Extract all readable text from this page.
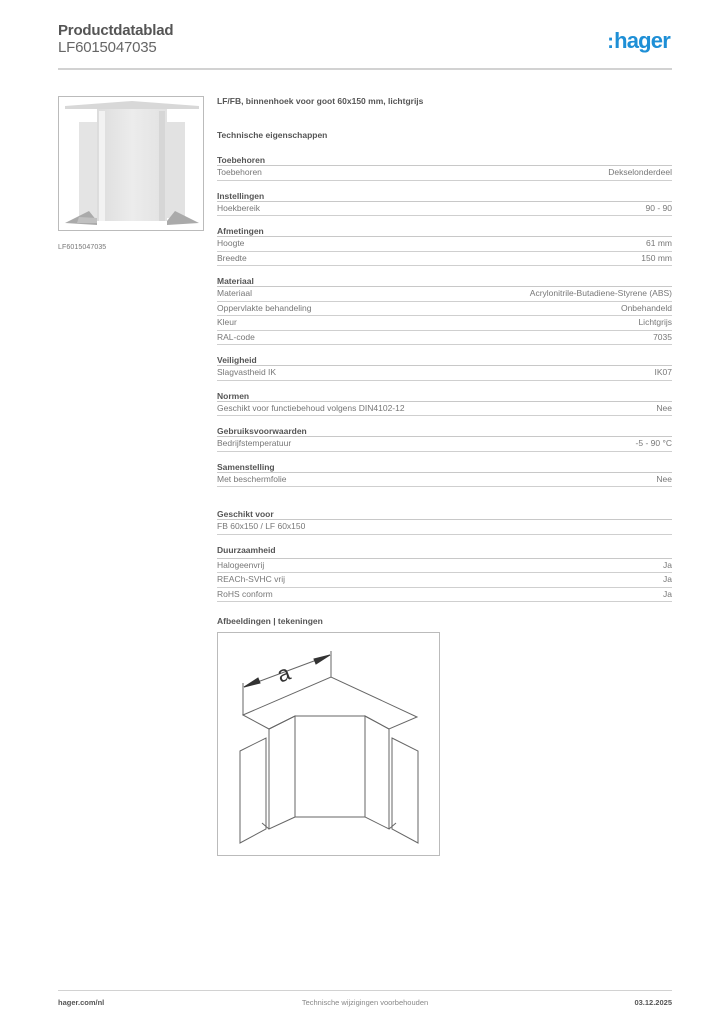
Productdatablad
LF6015047035	:hager
LF6015047035
LF/FB, binnenhoek voor goot 60x150 mm, lichtgrijs
Technische eigenschappen
Toebehoren
Toebehoren	Dekselonderdeel
Instellingen
Hoekbereik	90 - 90
Afmetingen
Hoogte	61 mm
Breedte	150 mm
Materiaal
Materiaal	Acrylonitrile-Butadiene-Styrene (ABS)
Oppervlakte behandeling	Onbehandeld
Kleur	Lichtgrijs
RAL-code	7035
Veiligheid
Slagvastheid IK	IK07
Normen
Geschikt voor functiebehoud volgens DIN4102-12	Nee
Gebruiksvoorwaarden
Bedrijfstemperatuur	-5 - 90 °C
Samenstelling
Met beschermfolie	Nee
Geschikt voor
FB 60x150 / LF 60x150
Duurzaamheid
Halogeenvrij	Ja
REACh-SVHC vrij	Ja
RoHS conform	Ja
Afbeeldingen | tekeningen
a
hager.com/nl	Technische wijzigingen voorbehouden	03.12.2025
